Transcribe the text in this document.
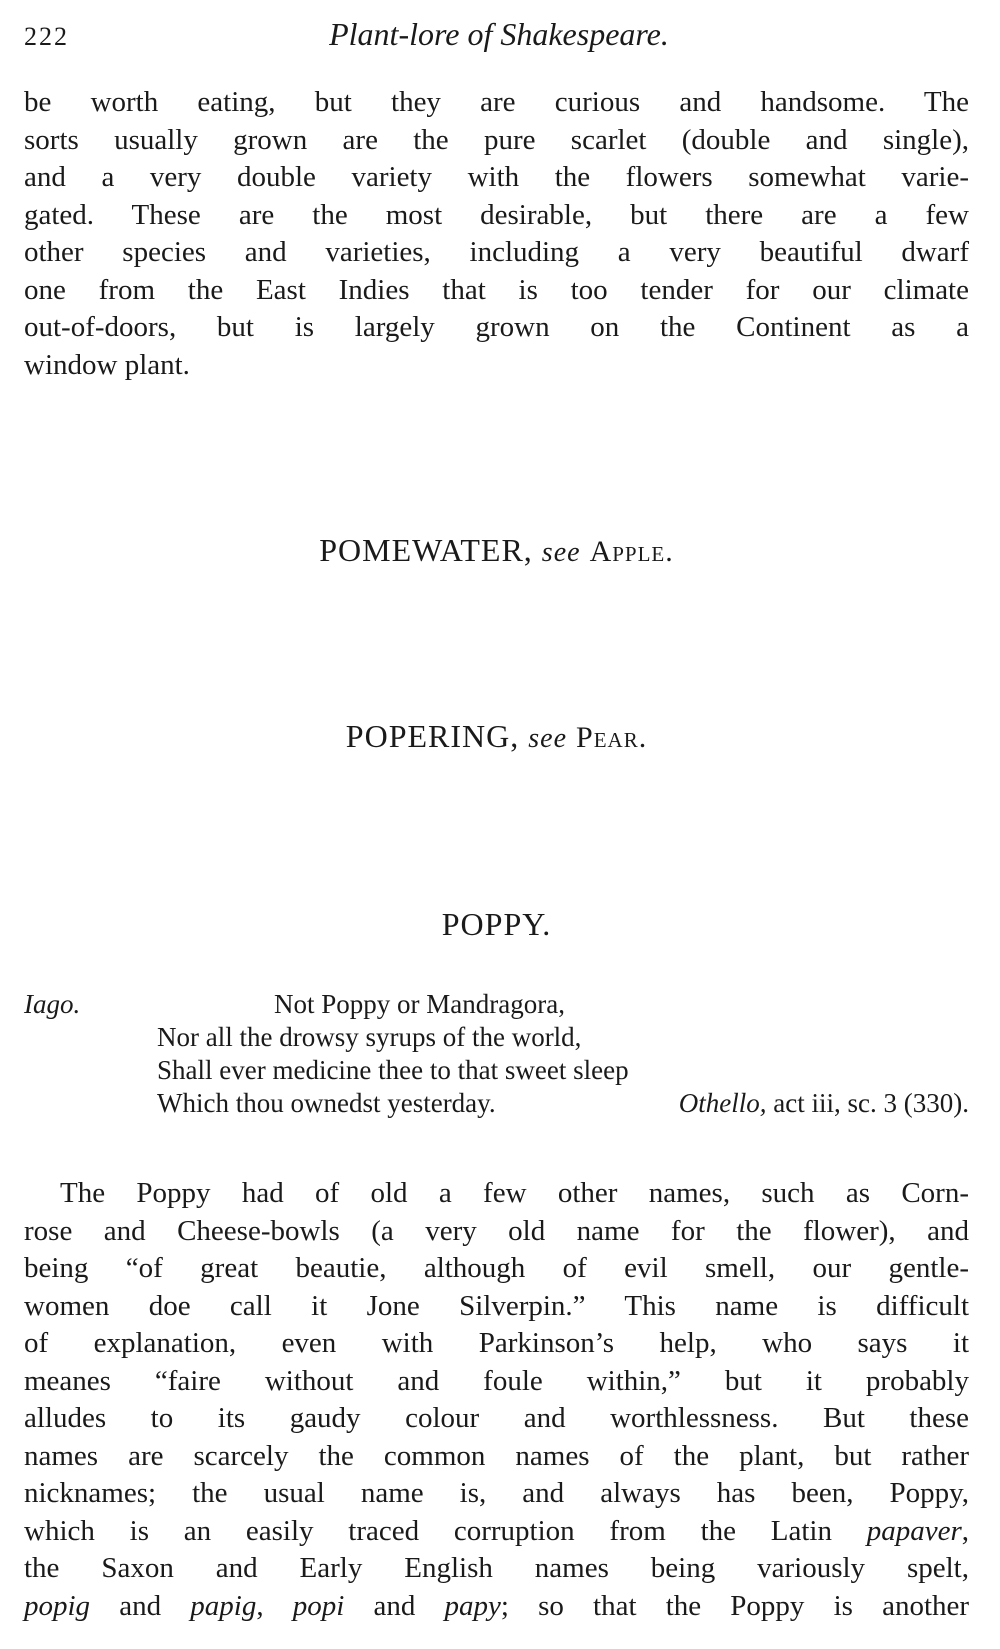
222	Plant-lore of Shakespeare.
be worth eating, but they are curious and handsome. The
sorts usually grown are the pure scarlet (double and single),
and a very double variety with the flowers somewhat varie-
gated. These are the most desirable, but there are a few
other species and varieties, including a very beautiful dwarf
one from the East Indies that is too tender for our climate
out-of-doors, but is largely grown on the Continent as a
window plant.
POMEWATER, see Apple.
POPERING, see Pear.
POPPY.
Iago.	Not Poppy or Mandragora,
Nor all the drowsy syrups of the world,
Shall ever medicine thee to that sweet sleep
Which thou ownedst yesterday.	Othello, act iii, sc. 3 (330).
The Poppy had of old a few other names, such as Corn-
rose and Cheese-bowls (a very old name for the flower), and
being “of great beautie, although of evil smell, our gentle-
women doe call it Jone Silverpin.” This name is difficult
of explanation, even with Parkinson’s help, who says it
meanes “faire without and foule within,” but it probably
alludes to its gaudy colour and worthlessness. But these
names are scarcely the common names of the plant, but rather
nicknames; the usual name is, and always has been, Poppy,
which is an easily traced corruption from the Latin papaver,
the Saxon and Early English names being variously spelt,
popig and papig, popi and papy; so that the Poppy is another
